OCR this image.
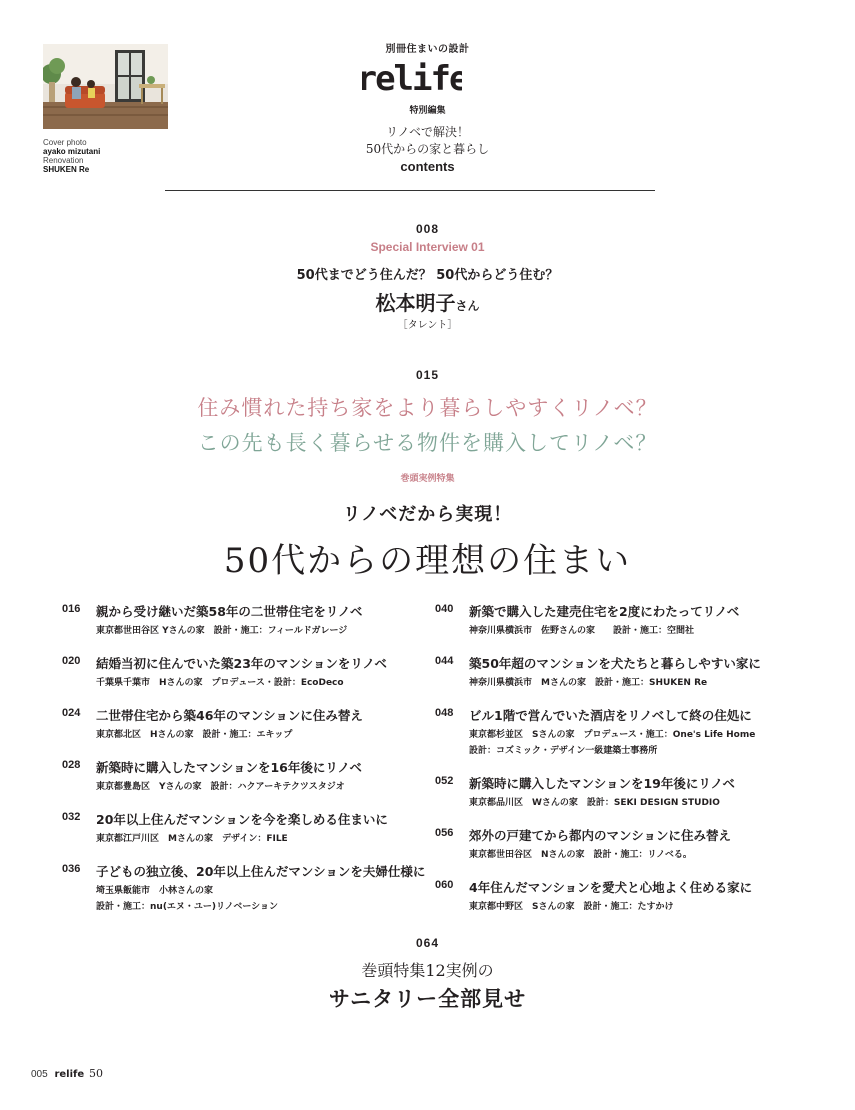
Cover photo
ayako mizutani
Renovation
SHUKEN Re
別冊住まいの設計
relife
特別編集
リノベで解決！
50代からの家と暮らし
contents
008
Special Interview 01
50代までどう住んだ？ 50代からどう住む？
松本明子さん
［タレント］
015
住み慣れた持ち家をより暮らしやすくリノベ？
この先も長く暮らせる物件を購入してリノベ？
巻頭実例特集
リノベだから実現！
50代からの理想の住まい
016 親から受け継いだ築58年の二世帯住宅をリノベ
東京都世田谷区 Yさんの家　設計・施工：フィールドガレージ
020 結婚当初に住んでいた築23年のマンションをリノベ
千葉県千葉市　Hさんの家　プロデュース・設計：EcoDeco
024 二世帯住宅から築46年のマンションに住み替え
東京都北区　Hさんの家　設計・施工：エキップ
028 新築時に購入したマンションを16年後にリノベ
東京都豊島区　Yさんの家　設計：ハクアーキテクツスタジオ
032 20年以上住んだマンションを今を楽しめる住まいに
東京都江戸川区　Mさんの家　デザイン：FILE
036 子どもの独立後、20年以上住んだマンションを夫婦仕様に
埼玉県飯能市　小林さんの家
設計・施工：nu(エヌ・ユー)リノベーション
040 新築で購入した建売住宅を2度にわたってリノベ
神奈川県横浜市　佐野さんの家　　設計・施工：空間社
044 築50年超のマンションを犬たちと暮らしやすい家に
神奈川県横浜市　Mさんの家　設計・施工：SHUKEN Re
048 ビル1階で営んでいた酒店をリノベして終の住処に
東京都杉並区　Sさんの家　プロデュース・施工：One's Life Home
設計：コズミック・デザイン一級建築士事務所
052 新築時に購入したマンションを19年後にリノベ
東京都品川区　Wさんの家　設計：SEKI DESIGN STUDIO
056 郊外の戸建てから都内のマンションに住み替え
東京都世田谷区　Nさんの家　設計・施工：リノベる。
060 4年住んだマンションを愛犬と心地よく住める家に
東京都中野区　Sさんの家　設計・施工：たすかけ
064
巻頭特集12実例の
サニタリー全部見せ
005 relife 50
